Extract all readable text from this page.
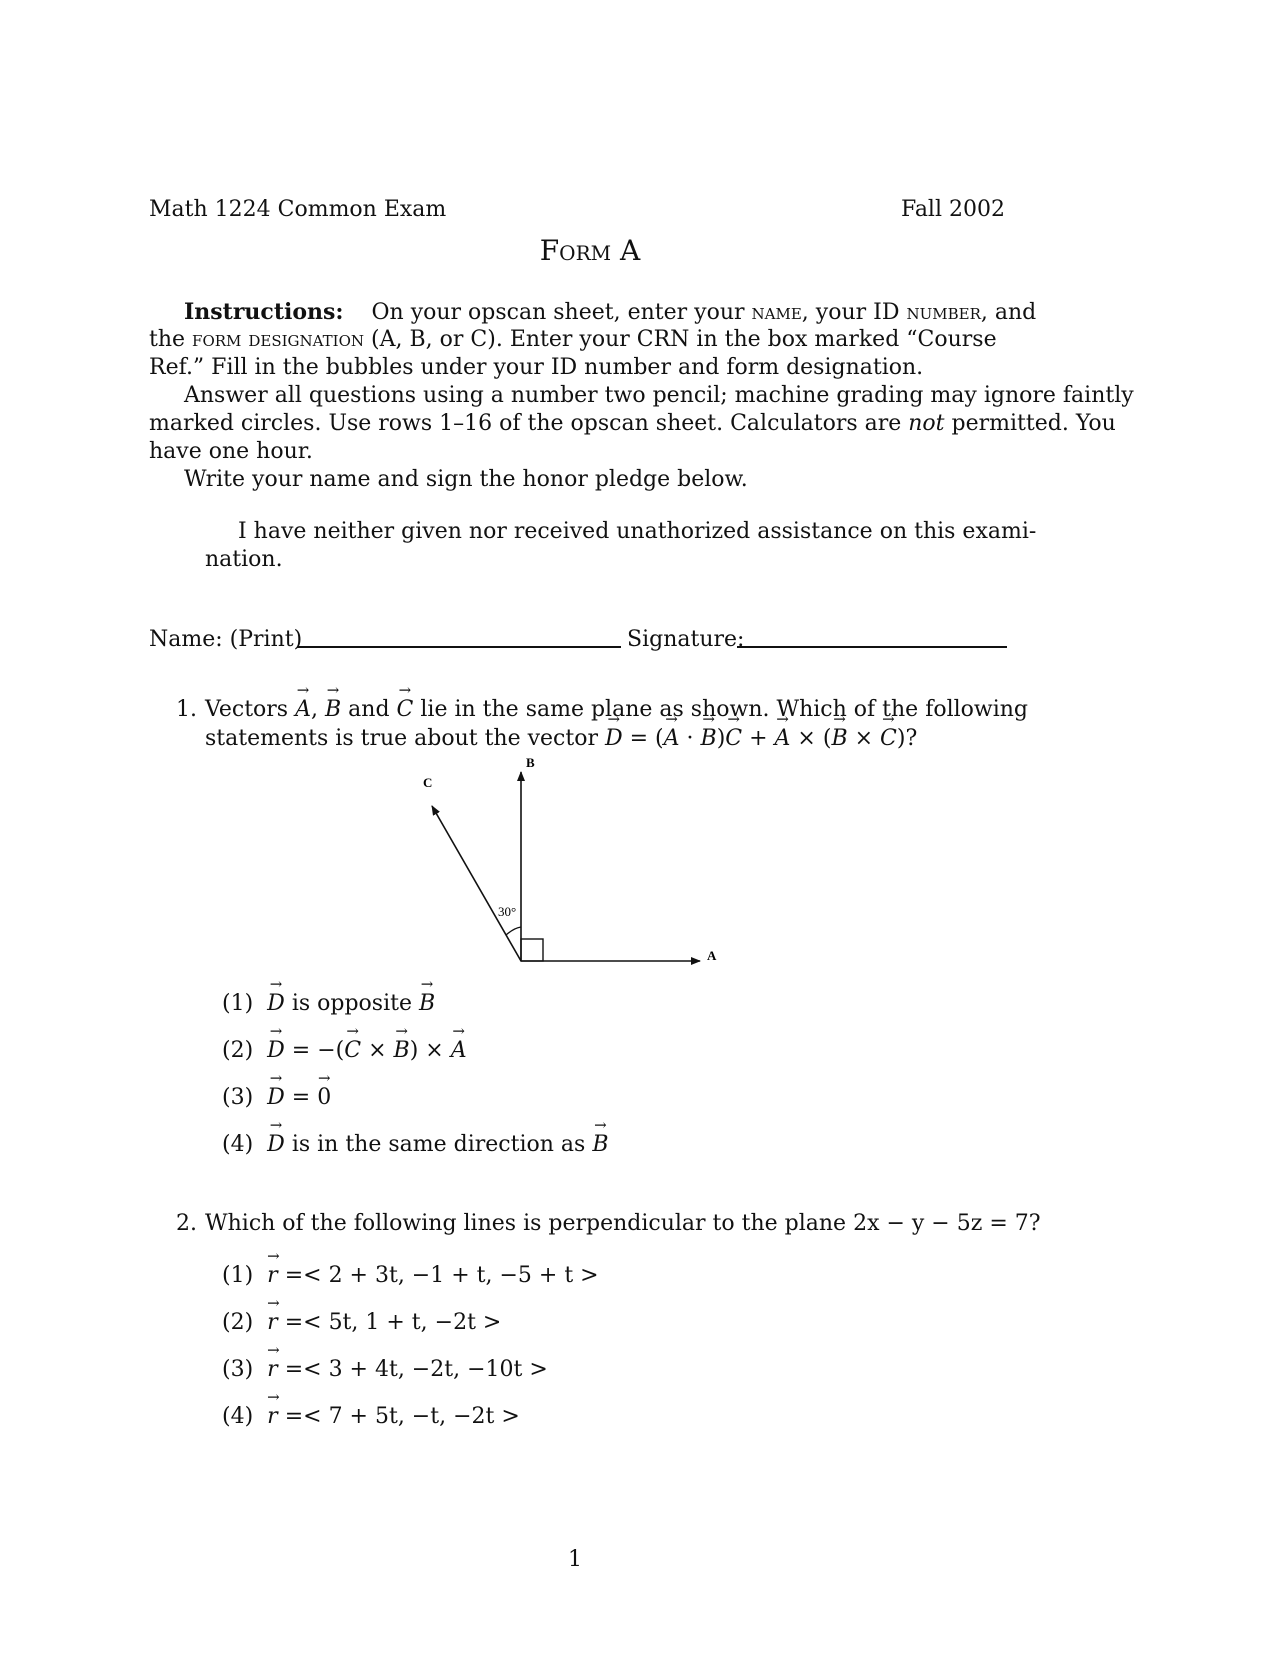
Math 1224 Common Exam	Fall 2002
Form A
Instructions: On your opscan sheet, enter your name, your ID number, and
the form designation (A, B, or C). Enter your CRN in the box marked “Course
Ref.” Fill in the bubbles under your ID number and form designation.
Answer all questions using a number two pencil; machine grading may ignore faintly
marked circles. Use rows 1–16 of the opscan sheet. Calculators are not permitted. You
have one hour.
Write your name and sign the honor pledge below.
I have neither given nor received unathorized assistance on this exami-
nation.
Name: (Print)	Signature:
1. Vectors → A, → B and → C lie in the same plane as shown. Which of the following
statements is true about the vector → D = (→ A · → B)→ C + → A × (→ B × → C)?
30°
B
C
A
(1) → D is opposite → B
(2) → D = −(→ C × → B) × → A
(3) → D = → 0
(4) → D is in the same direction as → B
2. Which of the following lines is perpendicular to the plane 2x − y − 5z = 7?
(1) → r =< 2 + 3t, −1 + t, −5 + t >
(2) → r =< 5t, 1 + t, −2t >
(3) → r =< 3 + 4t, −2t, −10t >
(4) → r =< 7 + 5t, −t, −2t >
1
